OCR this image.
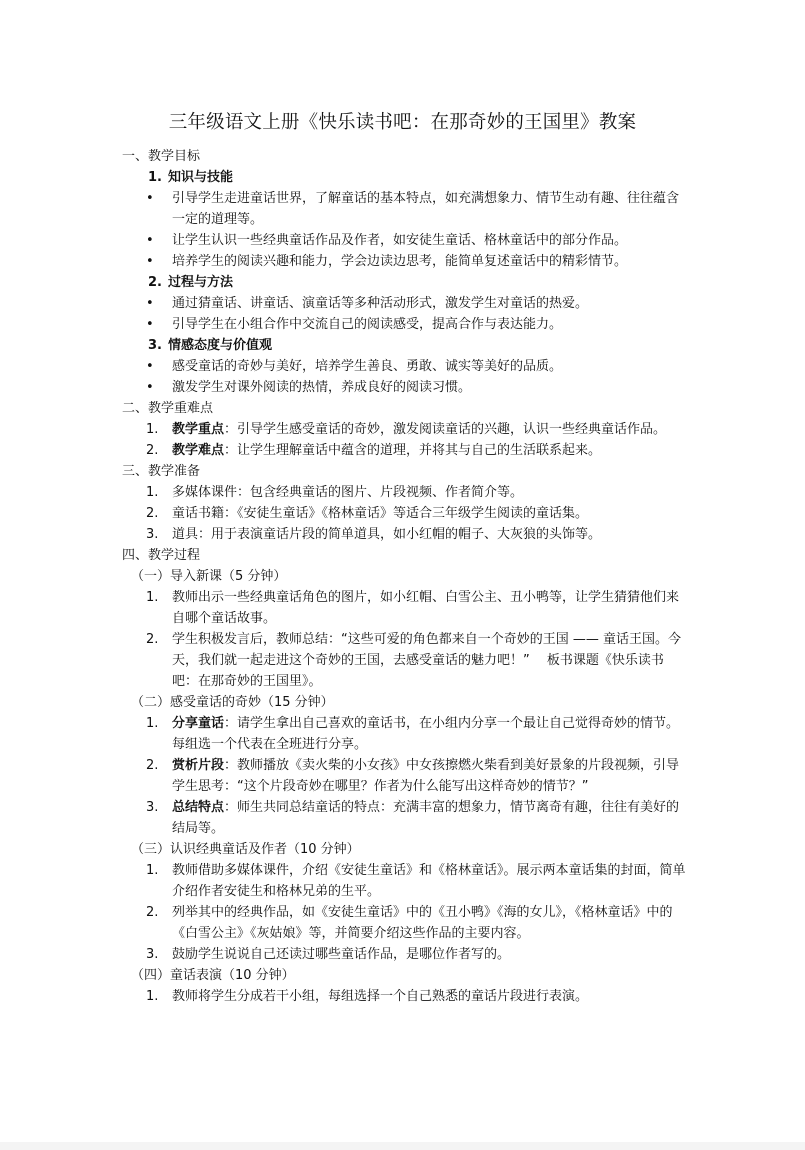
三年级语文上册《快乐读书吧：在那奇妙的王国里》教案
一、教学目标
1. 知识与技能
• 引导学生走进童话世界，了解童话的基本特点，如充满想象力、情节生动有趣、往往蕴含一定的道理等。
• 让学生认识一些经典童话作品及作者，如安徒生童话、格林童话中的部分作品。
• 培养学生的阅读兴趣和能力，学会边读边思考，能简单复述童话中的精彩情节。
2. 过程与方法
• 通过猜童话、讲童话、演童话等多种活动形式，激发学生对童话的热爱。
• 引导学生在小组合作中交流自己的阅读感受，提高合作与表达能力。
3. 情感态度与价值观
• 感受童话的奇妙与美好，培养学生善良、勇敢、诚实等美好的品质。
• 激发学生对课外阅读的热情，养成良好的阅读习惯。
二、教学重难点
1. 教学重点：引导学生感受童话的奇妙，激发阅读童话的兴趣，认识一些经典童话作品。
2. 教学难点：让学生理解童话中蕴含的道理，并将其与自己的生活联系起来。
三、教学准备
1. 多媒体课件：包含经典童话的图片、片段视频、作者简介等。
2. 童话书籍：《安徒生童话》《格林童话》等适合三年级学生阅读的童话集。
3. 道具：用于表演童话片段的简单道具，如小红帽的帽子、大灰狼的头饰等。
四、教学过程
（一）导入新课（5 分钟）
1. 教师出示一些经典童话角色的图片，如小红帽、白雪公主、丑小鸭等，让学生猜猜他们来自哪个童话故事。
2. 学生积极发言后，教师总结：“这些可爱的角色都来自一个奇妙的王国 —— 童话王国。今天，我们就一起走进这个奇妙的王国，去感受童话的魅力吧！”　 板书课题《快乐读书吧：在那奇妙的王国里》。
（二）感受童话的奇妙（15 分钟）
1. 分享童话：请学生拿出自己喜欢的童话书，在小组内分享一个最让自己觉得奇妙的情节。每组选一个代表在全班进行分享。
2. 赏析片段：教师播放《卖火柴的小女孩》中女孩擦燃火柴看到美好景象的片段视频，引导学生思考：“这个片段奇妙在哪里？作者为什么能写出这样奇妙的情节？”
3. 总结特点：师生共同总结童话的特点：充满丰富的想象力，情节离奇有趣，往往有美好的结局等。
（三）认识经典童话及作者（10 分钟）
1. 教师借助多媒体课件，介绍《安徒生童话》和《格林童话》。展示两本童话集的封面，简单介绍作者安徒生和格林兄弟的生平。
2. 列举其中的经典作品，如《安徒生童话》中的《丑小鸭》《海的女儿》，《格林童话》中的《白雪公主》《灰姑娘》等，并简要介绍这些作品的主要内容。
3. 鼓励学生说说自己还读过哪些童话作品，是哪位作者写的。
（四）童话表演（10 分钟）
1. 教师将学生分成若干小组，每组选择一个自己熟悉的童话片段进行表演。
